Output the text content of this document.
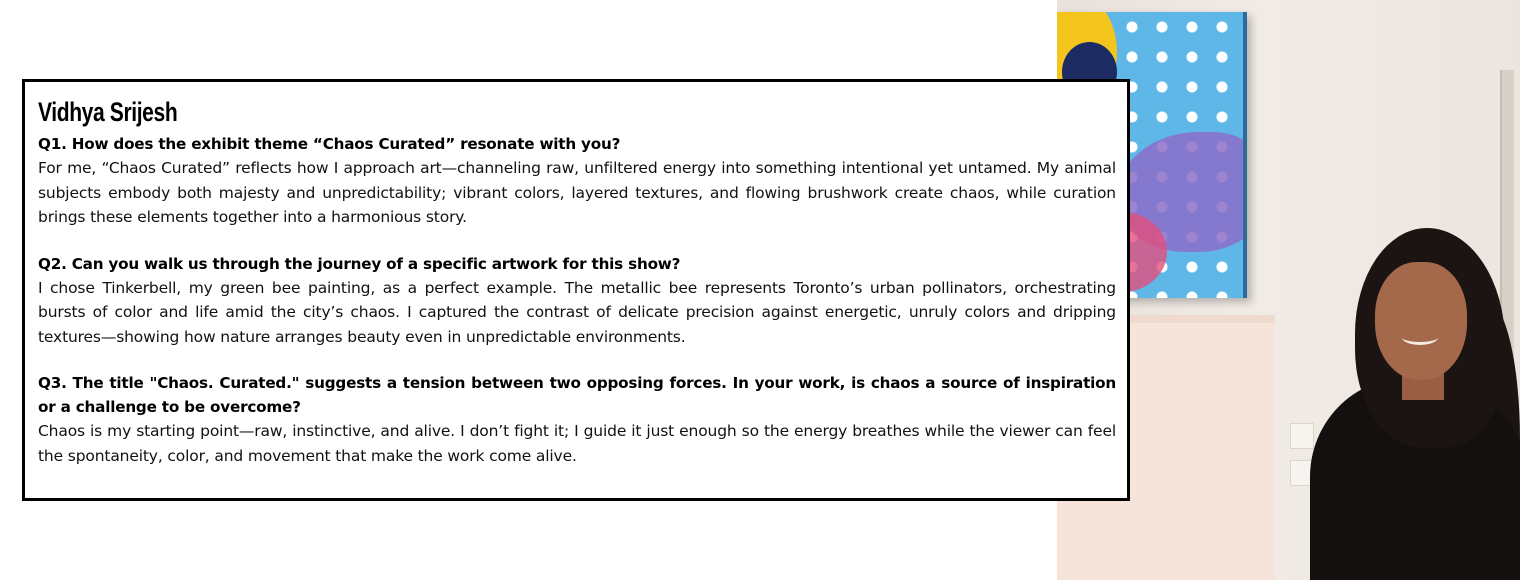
Vidhya Srijesh

Q1. How does the exhibit theme “Chaos Curated” resonate with you?

For me, “Chaos Curated” reflects how I approach art—channeling raw, unfiltered energy into something intentional yet untamed. My animal subjects embody both majesty and unpredictability; vibrant colors, layered textures, and flowing brushwork create chaos, while curation brings these elements together into a harmonious story.

Q2. Can you walk us through the journey of a specific artwork for this show?

I chose Tinkerbell, my green bee painting, as a perfect example. The metallic bee represents Toronto’s urban pollinators, orchestrating bursts of color and life amid the city’s chaos. I captured the contrast of delicate precision against energetic, unruly colors and dripping textures—showing how nature arranges beauty even in unpredictable environments.

Q3. The title "Chaos. Curated." suggests a tension between two opposing forces. In your work, is chaos a source of inspiration or a challenge to be overcome?

Chaos is my starting point—raw, instinctive, and alive. I don’t fight it; I guide it just enough so the energy breathes while the viewer can feel the spontaneity, color, and movement that make the work come alive.
